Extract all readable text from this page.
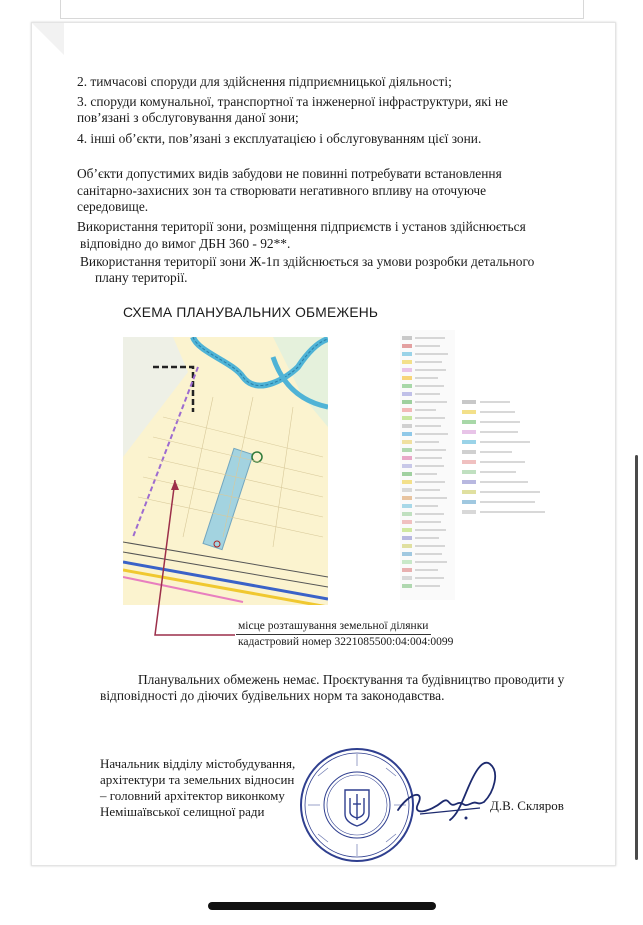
2. тимчасові споруди для здійснення підприємницької діяльності;
3. споруди комунальної, транспортної та інженерної інфраструктури, які не
пов’язані з обслуговування даної зони;
4. інші об’єкти, пов’язані з експлуатацією і обслуговуванням цієї зони.
Об’єкти допустимих видів забудови не повинні потребувати встановлення
санітарно-захисних зон та створювати негативного впливу на оточуюче
середовище.
Використання території зони, розміщення підприємств і установ здійснюється
відповідно до вимог ДБН 360 - 92**.
Використання території зони Ж-1п здійснюється за умови розробки детального
плану території.
СХЕМА ПЛАНУВАЛЬНИХ ОБМЕЖЕНЬ
місце розташування земельної ділянки
кадастровий номер 3221085500:04:004:0099
Планувальних обмежень немає. Проєктування та будівництво проводити у
відповідності до діючих будівельних норм та законодавства.
Начальник відділу містобудування,
архітектури та земельних відносин
– головний архітектор виконкому
Немішаївської селищної ради	Д.В. Скляров
